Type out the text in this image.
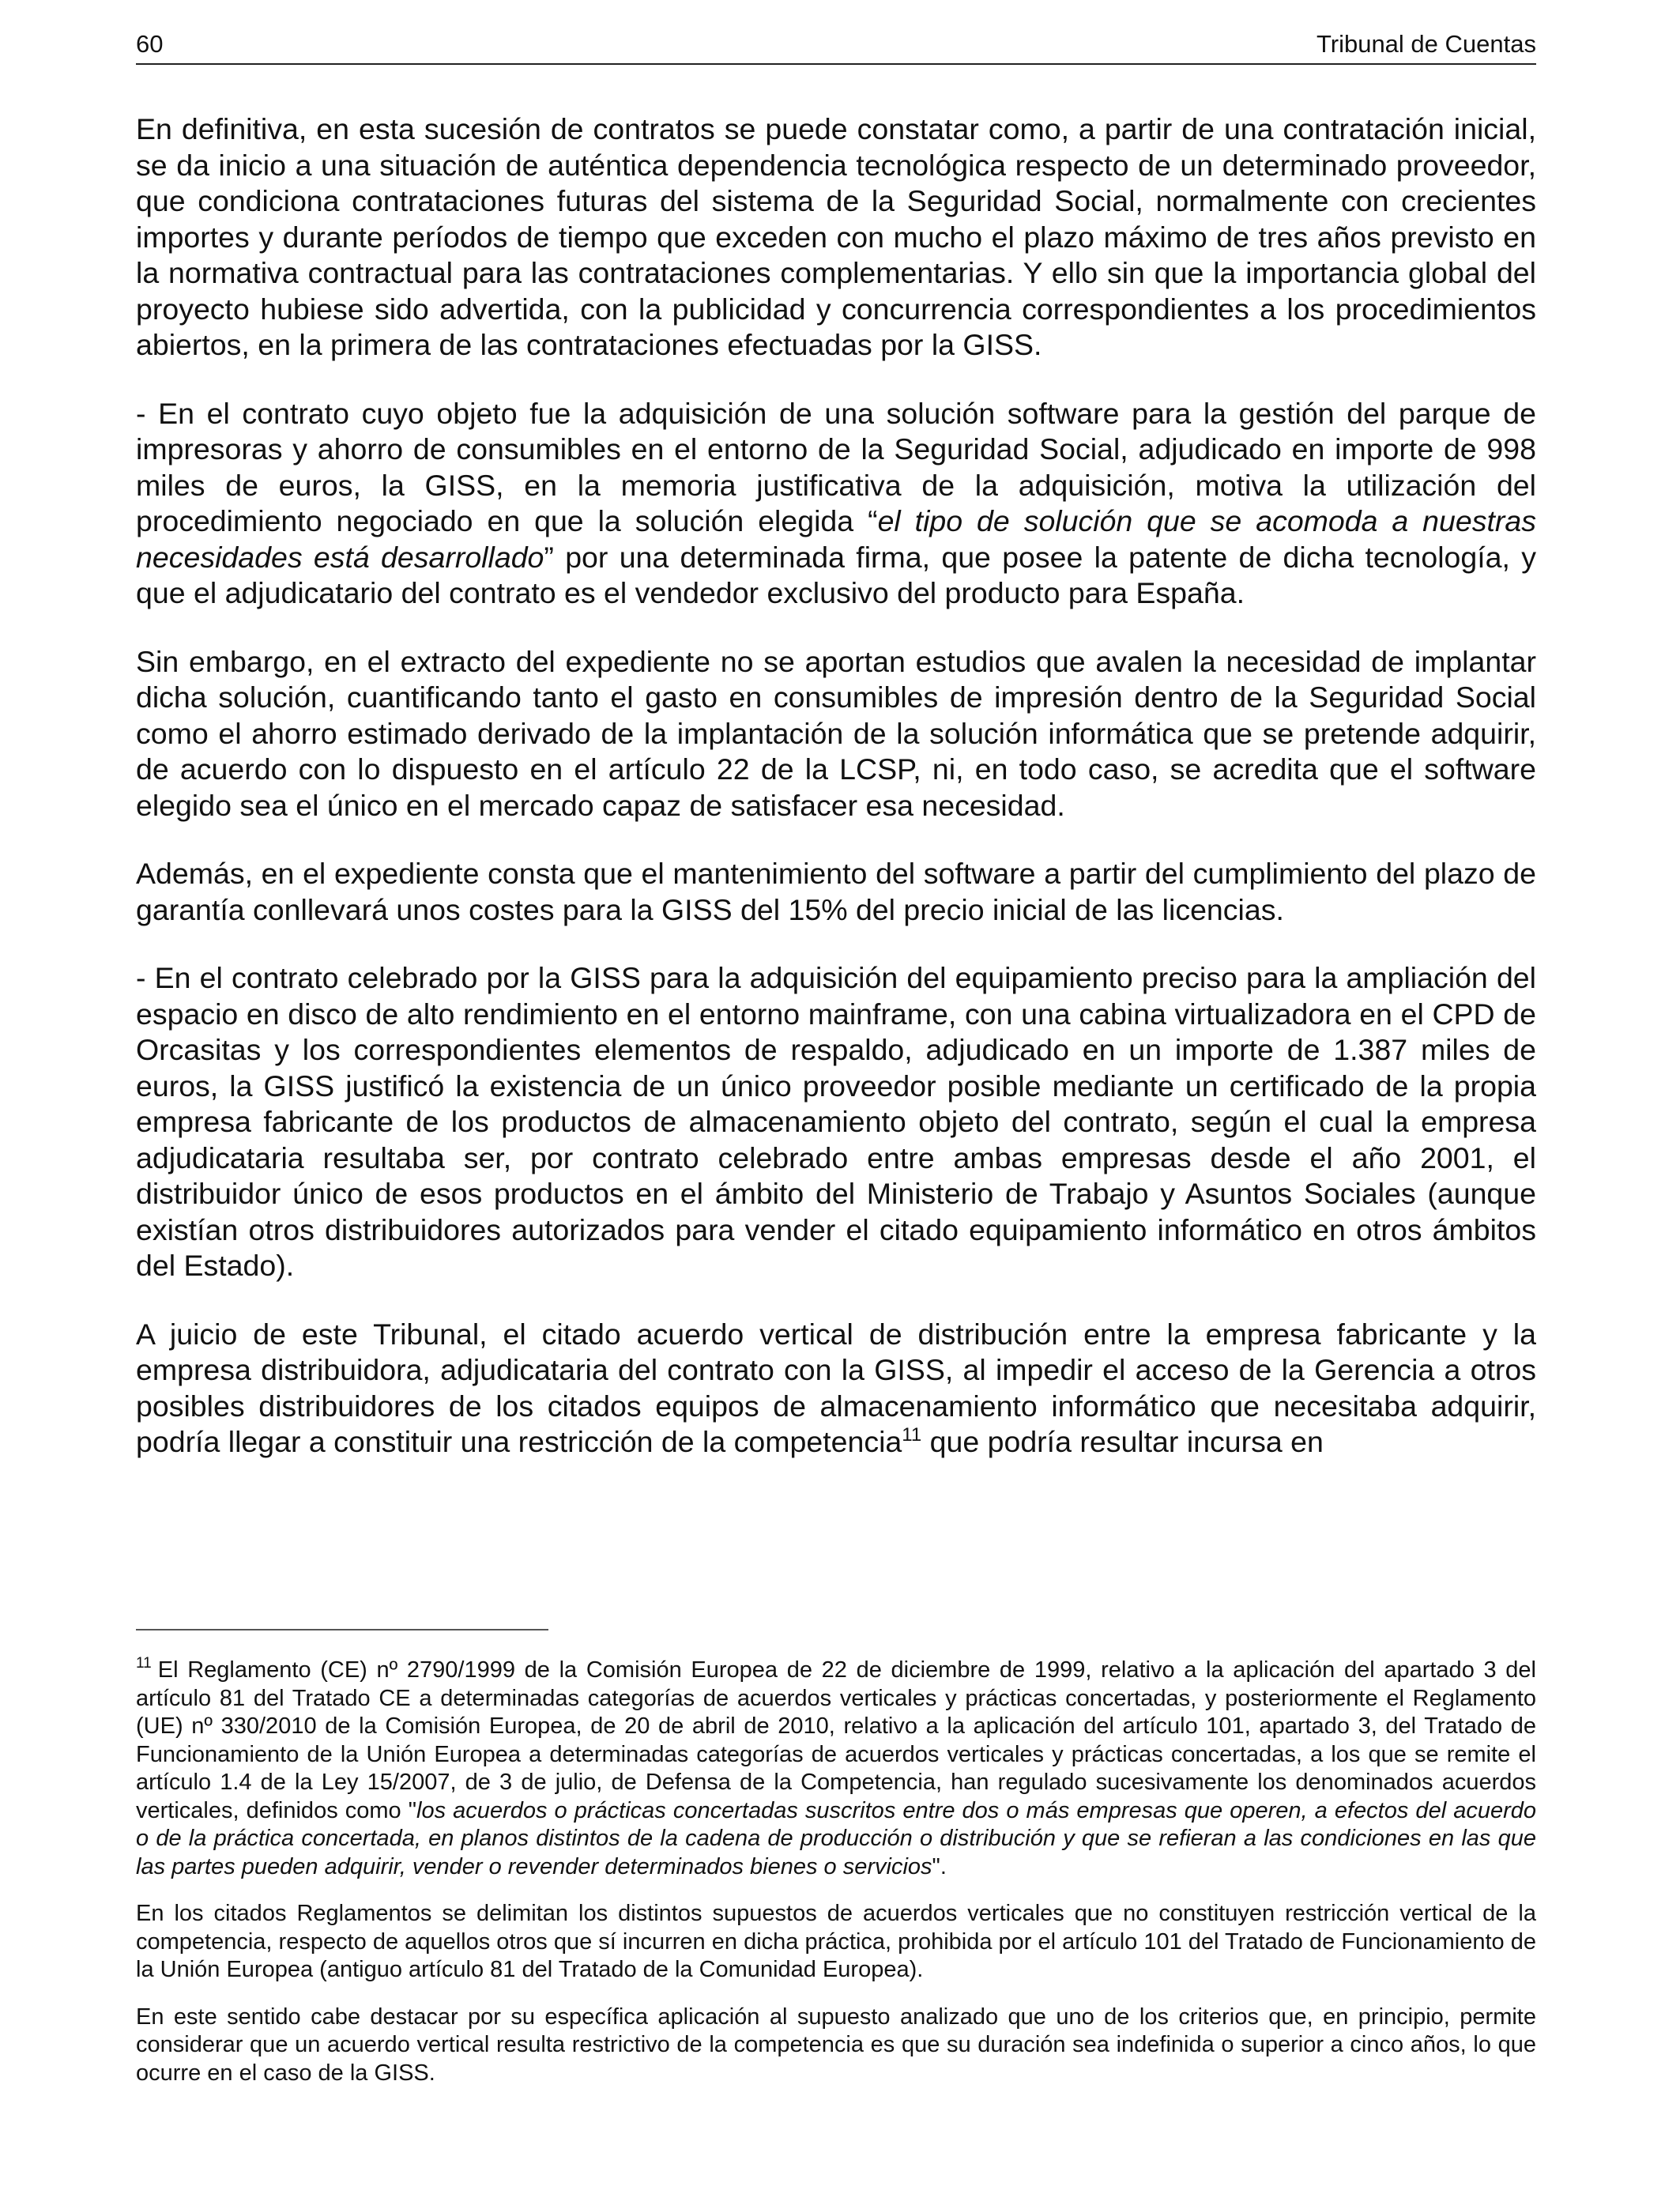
60	Tribunal de Cuentas

En definitiva, en esta sucesión de contratos se puede constatar como, a partir de una contratación inicial, se da inicio a una situación de auténtica dependencia tecnológica respecto de un determinado proveedor, que condiciona contrataciones futuras del sistema de la Seguridad Social, normalmente con crecientes importes y durante períodos de tiempo que exceden con mucho el plazo máximo de tres años previsto en la normativa contractual para las contrataciones complementarias. Y ello sin que la importancia global del proyecto hubiese sido advertida, con la publicidad y concurrencia correspondientes a los procedimientos abiertos, en la primera de las contrataciones efectuadas por la GISS.

- En el contrato cuyo objeto fue la adquisición de una solución software para la gestión del parque de impresoras y ahorro de consumibles en el entorno de la Seguridad Social, adjudicado en importe de 998 miles de euros, la GISS, en la memoria justificativa de la adquisición, motiva la utilización del procedimiento negociado en que la solución elegida “el tipo de solución que se acomoda a nuestras necesidades está desarrollado” por una determinada firma, que posee la patente de dicha tecnología, y que el adjudicatario del contrato es el vendedor exclusivo del producto para España.

Sin embargo, en el extracto del expediente no se aportan estudios que avalen la necesidad de implantar dicha solución, cuantificando tanto el gasto en consumibles de impresión dentro de la Seguridad Social como el ahorro estimado derivado de la implantación de la solución informática que se pretende adquirir, de acuerdo con lo dispuesto en el artículo 22 de la LCSP, ni, en todo caso, se acredita que el software elegido sea el único en el mercado capaz de satisfacer esa necesidad.

Además, en el expediente consta que el mantenimiento del software a partir del cumplimiento del plazo de garantía conllevará unos costes para la GISS del 15% del precio inicial de las licencias.

- En el contrato celebrado por la GISS para la adquisición del equipamiento preciso para la ampliación del espacio en disco de alto rendimiento en el entorno mainframe, con una cabina virtualizadora en el CPD de Orcasitas y los correspondientes elementos de respaldo, adjudicado en un importe de 1.387 miles de euros, la GISS justificó la existencia de un único proveedor posible mediante un certificado de la propia empresa fabricante de los productos de almacenamiento objeto del contrato, según el cual la empresa adjudicataria resultaba ser, por contrato celebrado entre ambas empresas desde el año 2001, el distribuidor único de esos productos en el ámbito del Ministerio de Trabajo y Asuntos Sociales (aunque existían otros distribuidores autorizados para vender el citado equipamiento informático en otros ámbitos del Estado).

A juicio de este Tribunal, el citado acuerdo vertical de distribución entre la empresa fabricante y la empresa distribuidora, adjudicataria del contrato con la GISS, al impedir el acceso de la Gerencia a otros posibles distribuidores de los citados equipos de almacenamiento informático que necesitaba adquirir, podría llegar a constituir una restricción de la competencia$^{11}$ que podría resultar incursa en

$^{11}$ El Reglamento (CE) nº 2790/1999 de la Comisión Europea de 22 de diciembre de 1999, relativo a la aplicación del apartado 3 del artículo 81 del Tratado CE a determinadas categorías de acuerdos verticales y prácticas concertadas, y posteriormente el Reglamento (UE) nº 330/2010 de la Comisión Europea, de 20 de abril de 2010, relativo a la aplicación del artículo 101, apartado 3, del Tratado de Funcionamiento de la Unión Europea a determinadas categorías de acuerdos verticales y prácticas concertadas, a los que se remite el artículo 1.4 de la Ley 15/2007, de 3 de julio, de Defensa de la Competencia, han regulado sucesivamente los denominados acuerdos verticales, definidos como "los acuerdos o prácticas concertadas suscritos entre dos o más empresas que operen, a efectos del acuerdo o de la práctica concertada, en planos distintos de la cadena de producción o distribución y que se refieran a las condiciones en las que las partes pueden adquirir, vender o revender determinados bienes o servicios".

En los citados Reglamentos se delimitan los distintos supuestos de acuerdos verticales que no constituyen restricción vertical de la competencia, respecto de aquellos otros que sí incurren en dicha práctica, prohibida por el artículo 101 del Tratado de Funcionamiento de la Unión Europea (antiguo artículo 81 del Tratado de la Comunidad Europea).

En este sentido cabe destacar por su específica aplicación al supuesto analizado que uno de los criterios que, en principio, permite considerar que un acuerdo vertical resulta restrictivo de la competencia es que su duración sea indefinida o superior a cinco años, lo que ocurre en el caso de la GISS.
